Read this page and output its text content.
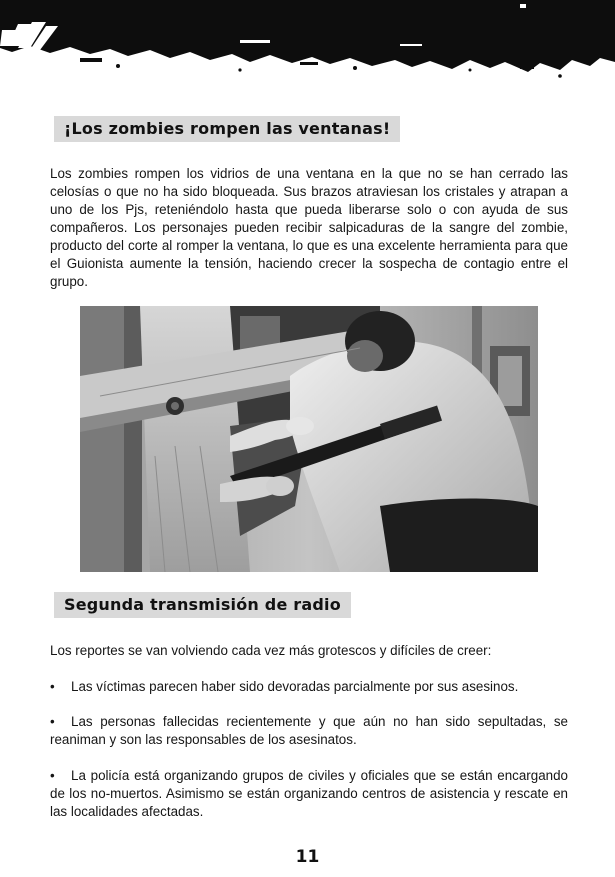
¡Los zombies rompen las ventanas!

Los zombies rompen los vidrios de una ventana en la que no se han cerrado las celosías o que no ha sido bloqueada. Sus brazos atraviesan los cristales y atrapan a uno de los Pjs, reteniéndolo hasta que pueda liberarse solo o con ayuda de sus compañeros. Los personajes pueden recibir salpicaduras de la sangre del zombie, producto del corte al romper la ventana, lo que es una excelente herramienta para que el Guionista aumente la tensión, haciendo crecer la sospecha de contagio entre el grupo.

Segunda transmisión de radio

Los reportes se van volviendo cada vez más grotescos y difíciles de creer:

• Las víctimas parecen haber sido devoradas parcialmente por sus asesinos.

• Las personas fallecidas recientemente y que aún no han sido sepultadas, se reaniman y son las responsables de los asesinatos.

• La policía está organizando grupos de civiles y oficiales que se están encargando de los no-muertos. Asimismo se están organizando centros de asistencia y rescate en las localidades afectadas.

11
